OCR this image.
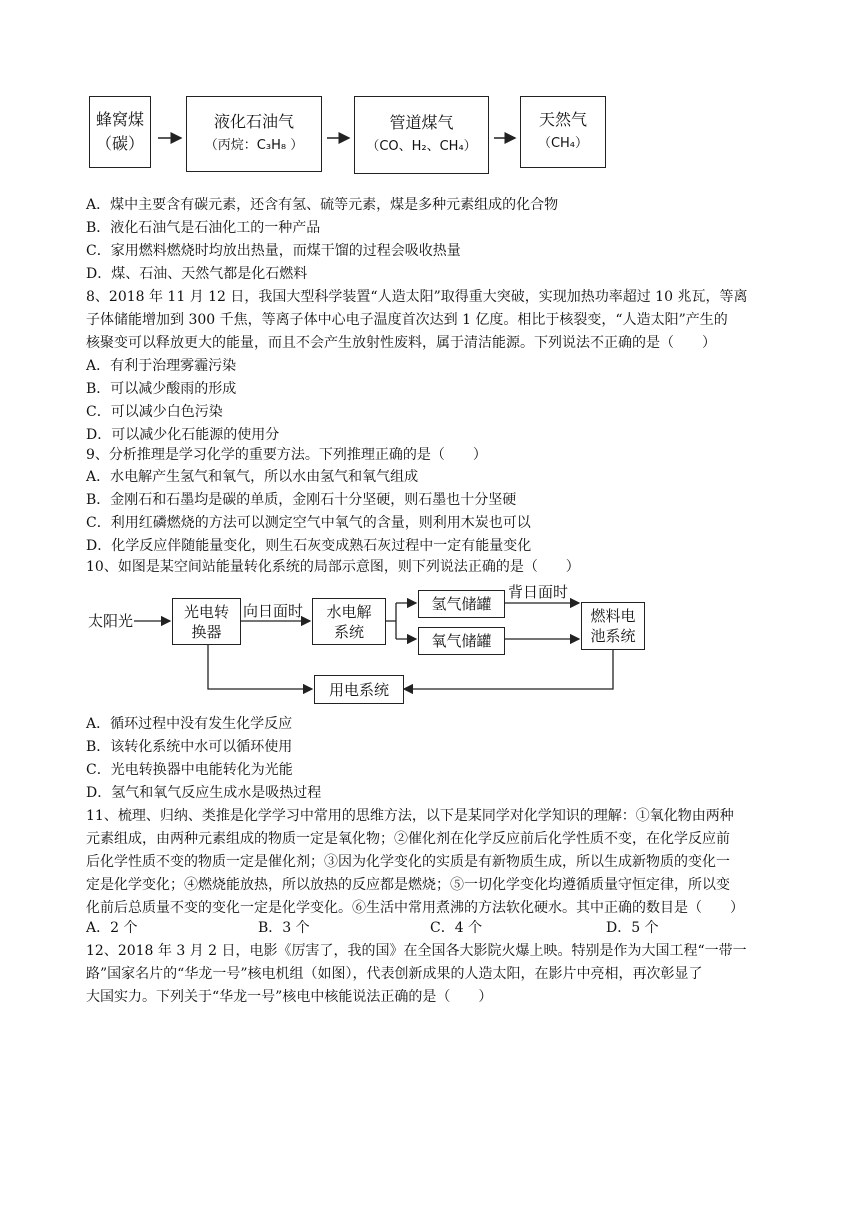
蜂窝煤
（碳）
液化石油气
（丙烷：C₃H₈ ）
管道煤气
（CO、H₂、CH₄）
天然气
（CH₄）
A．煤中主要含有碳元素，还含有氢、硫等元素，煤是多种元素组成的化合物
B．液化石油气是石油化工的一种产品
C．家用燃料燃烧时均放出热量，而煤干馏的过程会吸收热量
D．煤、石油、天然气都是化石燃料
8、2018 年 11 月 12 日，我国大型科学装置“人造太阳”取得重大突破，实现加热功率超过 10 兆瓦，等离
子体储能增加到 300 千焦，等离子体中心电子温度首次达到 1 亿度。相比于核裂变，“人造太阳”产生的
核聚变可以释放更大的能量，而且不会产生放射性废料，属于清洁能源。下列说法不正确的是（　　）
A．有利于治理雾霾污染
B．可以减少酸雨的形成
C．可以减少白色污染
D．可以减少化石能源的使用分
9、分析推理是学习化学的重要方法。下列推理正确的是（　　）
A．水电解产生氢气和氧气，所以水由氢气和氧气组成
B．金刚石和石墨均是碳的单质，金刚石十分坚硬，则石墨也十分坚硬
C．利用红磷燃烧的方法可以测定空气中氧气的含量，则利用木炭也可以
D．化学反应伴随能量变化，则生石灰变成熟石灰过程中一定有能量变化
10、如图是某空间站能量转化系统的局部示意图，则下列说法正确的是（　　）
太阳光
光电转
换器
向日面时 水电解
系统
氢气储罐
氧气储罐
背日面时
燃料电
池系统
用电系统
A．循环过程中没有发生化学反应
B．该转化系统中水可以循环使用
C．光电转换器中电能转化为光能
D．氢气和氧气反应生成水是吸热过程
11、梳理、归纳、类推是化学学习中常用的思维方法，以下是某同学对化学知识的理解：①氧化物由两种
元素组成，由两种元素组成的物质一定是氧化物；②催化剂在化学反应前后化学性质不变，在化学反应前
后化学性质不变的物质一定是催化剂；③因为化学变化的实质是有新物质生成，所以生成新物质的变化一
定是化学变化；④燃烧能放热，所以放热的反应都是燃烧；⑤一切化学变化均遵循质量守恒定律，所以变
化前后总质量不变的变化一定是化学变化。⑥生活中常用煮沸的方法软化硬水。其中正确的数目是（　　）
A．2 个	B．3 个	C．4 个	D．5 个
12、2018 年 3 月 2 日，电影《厉害了，我的国》在全国各大影院火爆上映。特别是作为大国工程“一带一
路”国家名片的“华龙一号”核电机组（如图），代表创新成果的人造太阳，在影片中亮相，再次彰显了
大国实力。下列关于“华龙一号”核电中核能说法正确的是（　　）
